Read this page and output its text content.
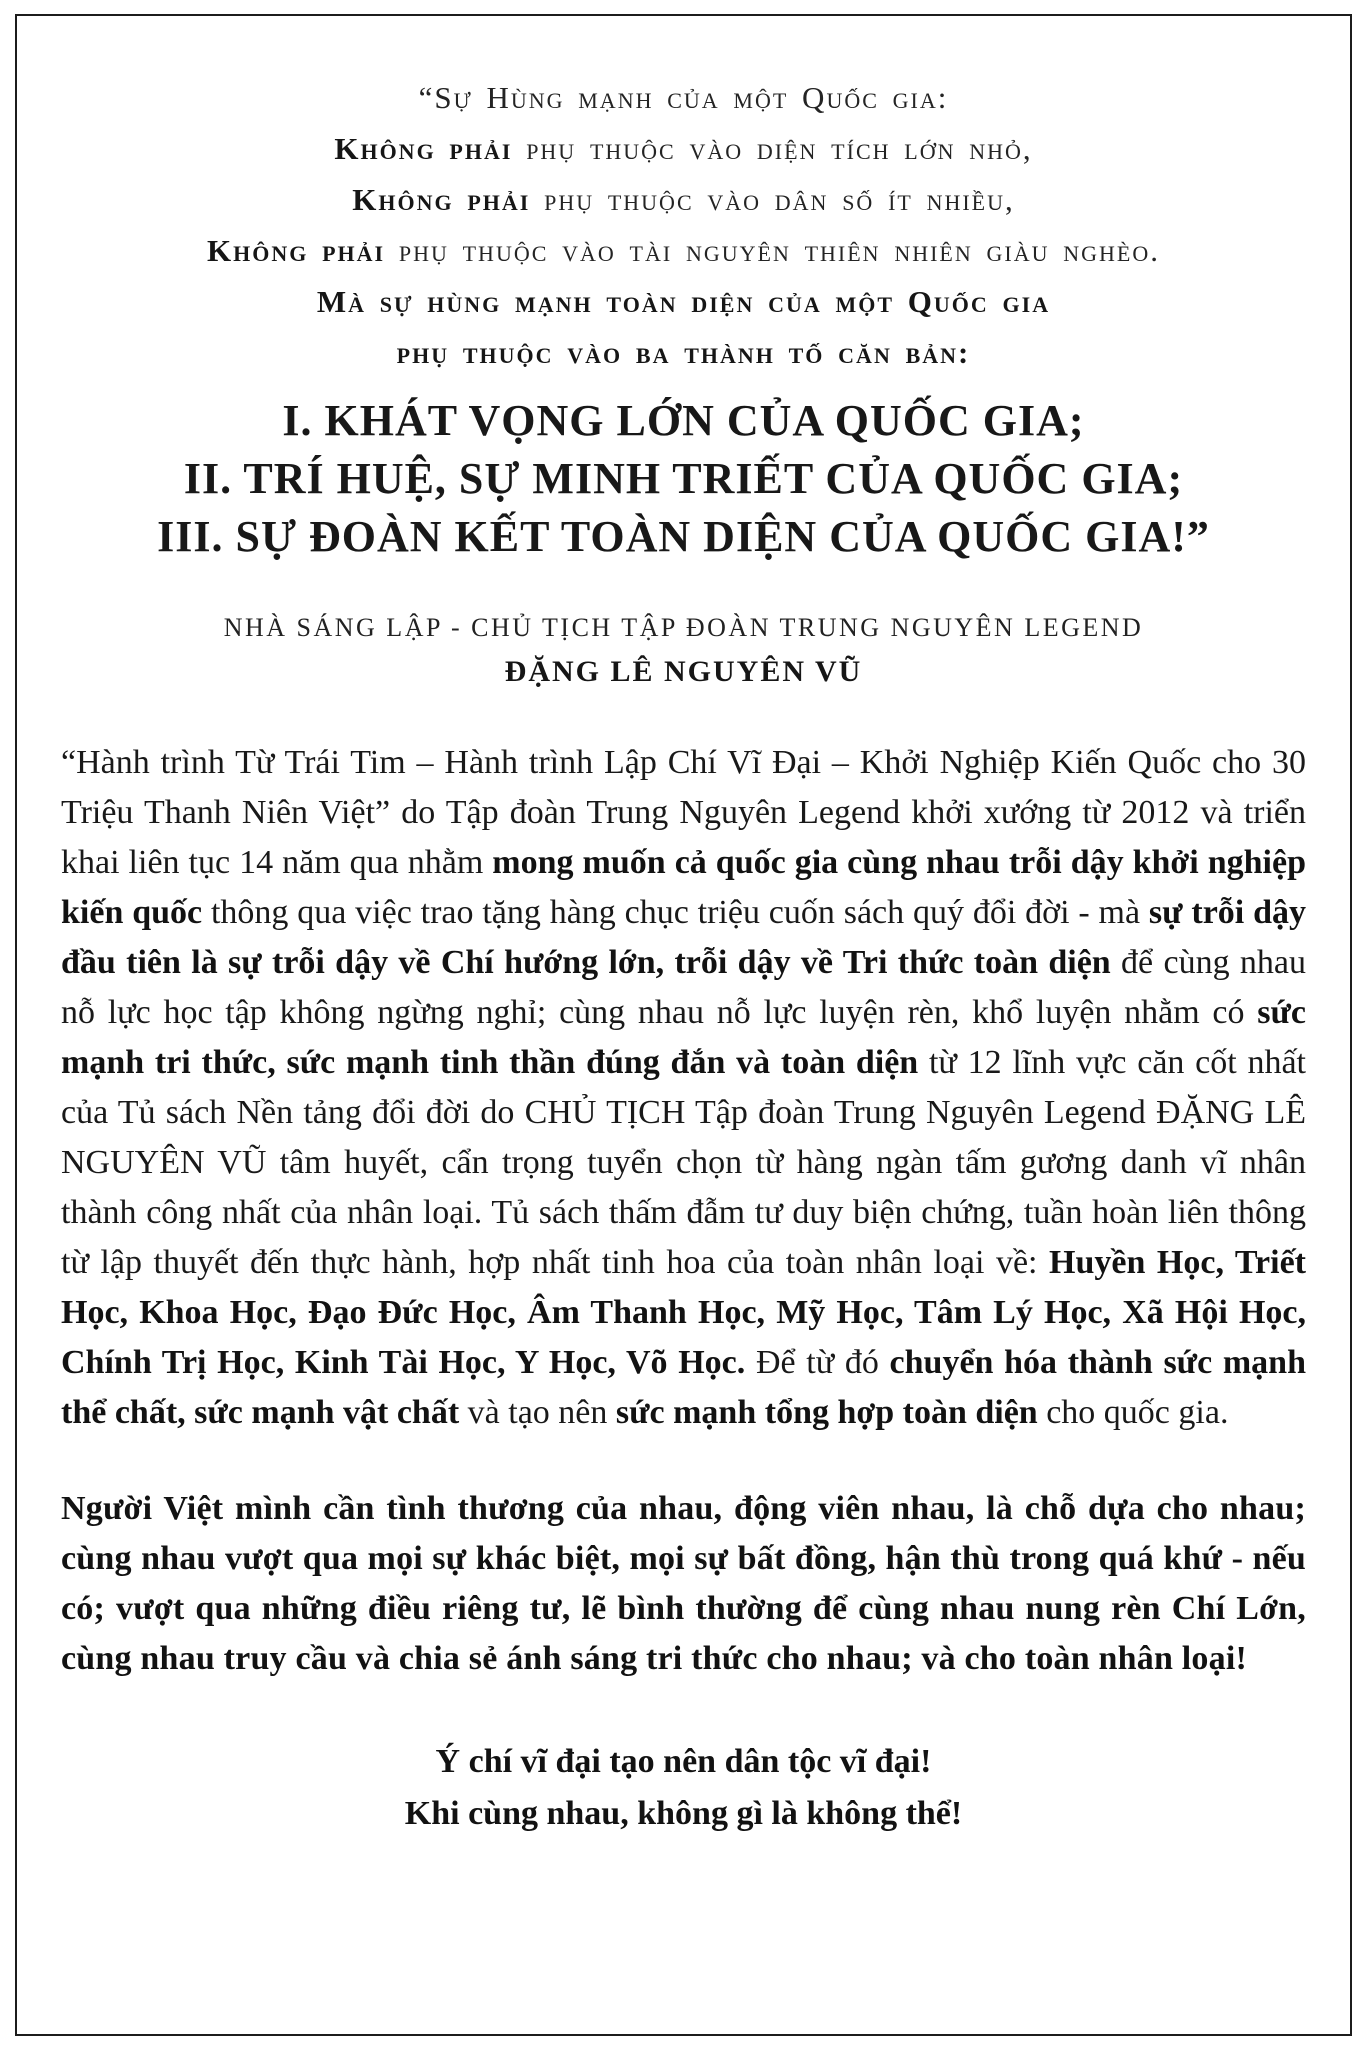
“Sự Hùng mạnh của một Quốc gia:

Không phải phụ thuộc vào diện tích lớn nhỏ,

Không phải phụ thuộc vào dân số ít nhiều,

Không phải phụ thuộc vào tài nguyên thiên nhiên giàu nghèo.

Mà sự hùng mạnh toàn diện của một Quốc gia

phụ thuộc vào ba thành tố căn bản:

I. KHÁT VỌNG LỚN CỦA QUỐC GIA;

II. TRÍ HUỆ, SỰ MINH TRIẾT CỦA QUỐC GIA;

III. SỰ ĐOÀN KẾT TOÀN DIỆN CỦA QUỐC GIA!”

NHÀ SÁNG LẬP - CHỦ TỊCH TẬP ĐOÀN TRUNG NGUYÊN LEGEND

ĐẶNG LÊ NGUYÊN VŨ

“Hành trình Từ Trái Tim – Hành trình Lập Chí Vĩ Đại – Khởi Nghiệp Kiến Quốc cho 30 Triệu Thanh Niên Việt” do Tập đoàn Trung Nguyên Legend khởi xướng từ 2012 và triển khai liên tục 14 năm qua nhằm mong muốn cả quốc gia cùng nhau trỗi dậy khởi nghiệp kiến quốc thông qua việc trao tặng hàng chục triệu cuốn sách quý đổi đời - mà sự trỗi dậy đầu tiên là sự trỗi dậy về Chí hướng lớn, trỗi dậy về Tri thức toàn diện để cùng nhau nỗ lực học tập không ngừng nghỉ; cùng nhau nỗ lực luyện rèn, khổ luyện nhằm có sức mạnh tri thức, sức mạnh tinh thần đúng đắn và toàn diện từ 12 lĩnh vực căn cốt nhất của Tủ sách Nền tảng đổi đời do CHỦ TỊCH Tập đoàn Trung Nguyên Legend ĐẶNG LÊ NGUYÊN VŨ tâm huyết, cẩn trọng tuyển chọn từ hàng ngàn tấm gương danh vĩ nhân thành công nhất của nhân loại. Tủ sách thấm đẫm tư duy biện chứng, tuần hoàn liên thông từ lập thuyết đến thực hành, hợp nhất tinh hoa của toàn nhân loại về: Huyền Học, Triết Học, Khoa Học, Đạo Đức Học, Âm Thanh Học, Mỹ Học, Tâm Lý Học, Xã Hội Học, Chính Trị Học, Kinh Tài Học, Y Học, Võ Học. Để từ đó chuyển hóa thành sức mạnh thể chất, sức mạnh vật chất và tạo nên sức mạnh tổng hợp toàn diện cho quốc gia.

Người Việt mình cần tình thương của nhau, động viên nhau, là chỗ dựa cho nhau; cùng nhau vượt qua mọi sự khác biệt, mọi sự bất đồng, hận thù trong quá khứ - nếu có; vượt qua những điều riêng tư, lẽ bình thường để cùng nhau nung rèn Chí Lớn, cùng nhau truy cầu và chia sẻ ánh sáng tri thức cho nhau; và cho toàn nhân loại!

Ý chí vĩ đại tạo nên dân tộc vĩ đại!

Khi cùng nhau, không gì là không thể!
